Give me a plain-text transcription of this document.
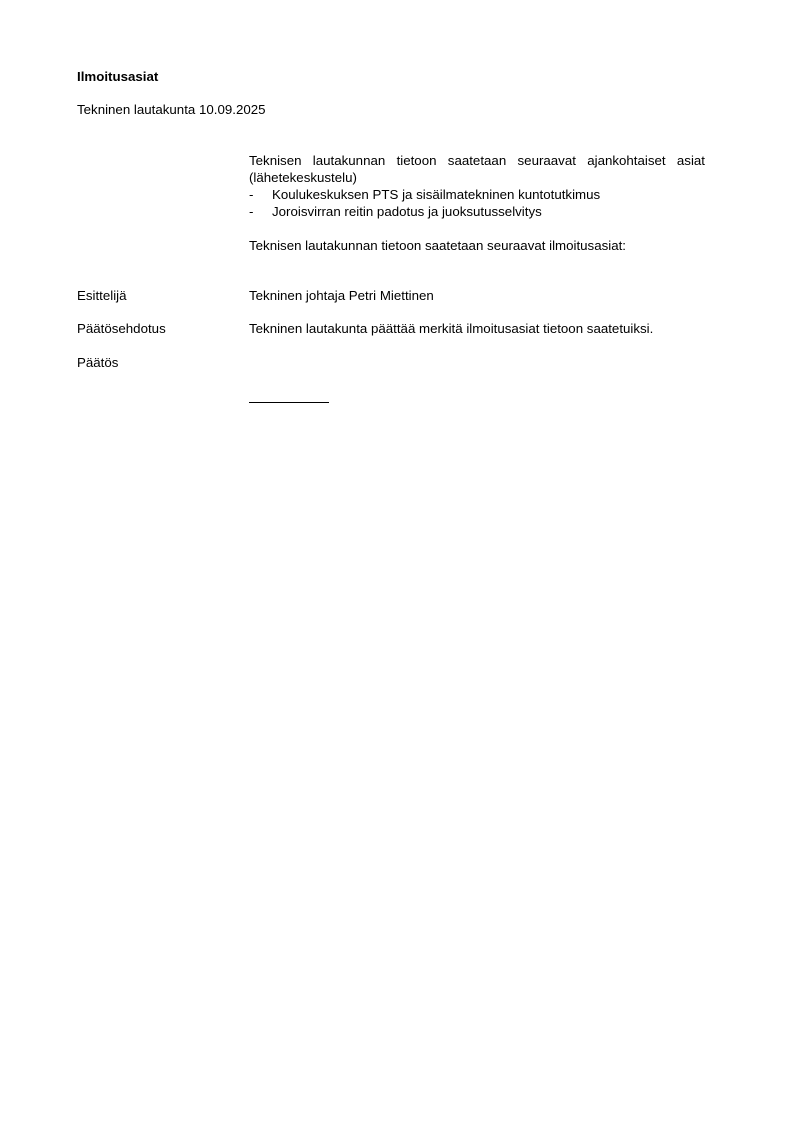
Ilmoitusasiat
Tekninen lautakunta 10.09.2025

Teknisen lautakunnan tietoon saatetaan seuraavat ajankohtaiset asiat

(lähetekeskustelu)

-	Koulukeskuksen PTS ja sisäilmatekninen kuntotutkimus
-	Joroisvirran reitin padotus ja juoksutusselvitys

Teknisen lautakunnan tietoon saatetaan seuraavat ilmoitusasiat:

Esittelijä	Tekninen johtaja Petri Miettinen
Päätösehdotus	Tekninen lautakunta päättää merkitä ilmoitusasiat tietoon saatetuiksi.
Päätös
